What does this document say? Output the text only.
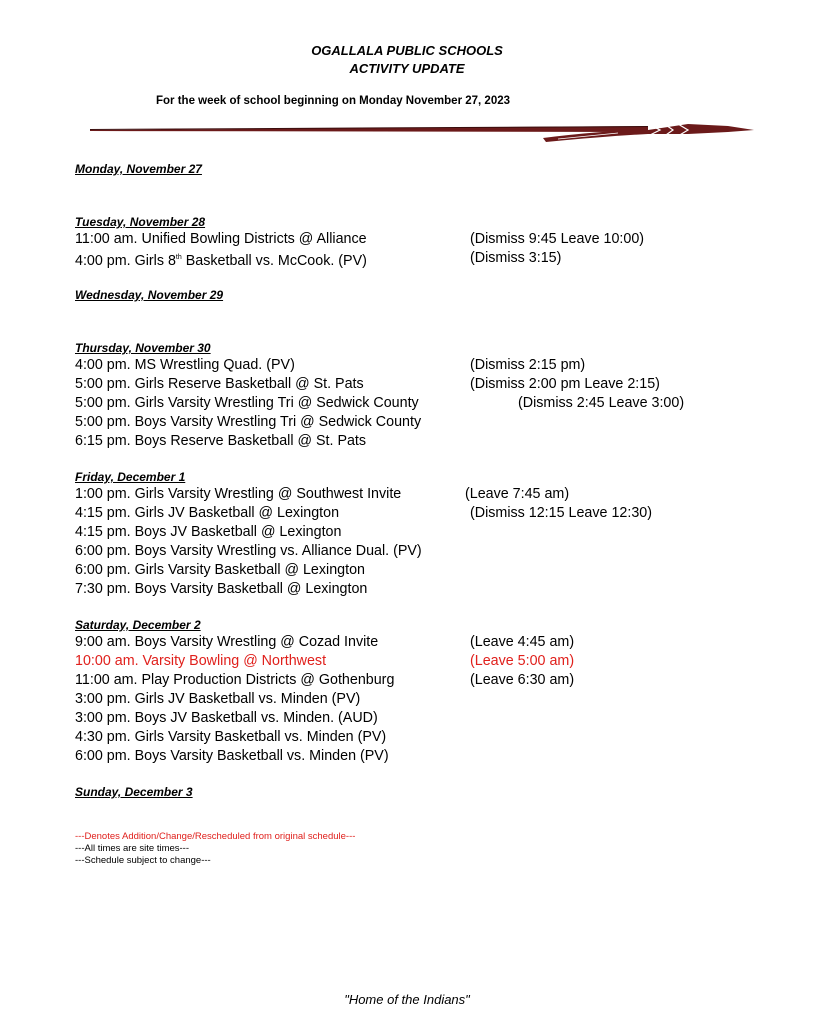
OGALLALA PUBLIC SCHOOLS
ACTIVITY UPDATE
For the week of school beginning on Monday November 27, 2023
Monday, November 27
Tuesday, November 28
11:00 am. Unified Bowling Districts @ Alliance	(Dismiss 9:45 Leave 10:00)
4:00 pm. Girls 8th Basketball vs. McCook. (PV)	(Dismiss 3:15)
Wednesday, November 29
Thursday, November 30
4:00 pm. MS Wrestling Quad. (PV)	(Dismiss 2:15 pm)
5:00 pm. Girls Reserve Basketball @ St. Pats	(Dismiss 2:00 pm Leave 2:15)
5:00 pm. Girls Varsity Wrestling Tri @ Sedwick County	(Dismiss 2:45 Leave 3:00)
5:00 pm. Boys Varsity Wrestling Tri @ Sedwick County
6:15 pm. Boys Reserve Basketball @ St. Pats
Friday, December 1
1:00 pm. Girls Varsity Wrestling @ Southwest Invite	(Leave 7:45 am)
4:15 pm. Girls JV Basketball @ Lexington	(Dismiss 12:15 Leave 12:30)
4:15 pm. Boys JV Basketball @ Lexington
6:00 pm. Boys Varsity Wrestling vs. Alliance Dual. (PV)
6:00 pm. Girls Varsity Basketball @ Lexington
7:30 pm. Boys Varsity Basketball @ Lexington
Saturday, December 2
9:00 am. Boys Varsity Wrestling @ Cozad Invite	(Leave 4:45 am)
10:00 am. Varsity Bowling @ Northwest	(Leave 5:00 am)
11:00 am. Play Production Districts @ Gothenburg	(Leave 6:30 am)
3:00 pm. Girls JV Basketball vs. Minden (PV)
3:00 pm. Boys JV Basketball vs. Minden. (AUD)
4:30 pm. Girls Varsity Basketball vs. Minden (PV)
6:00 pm. Boys Varsity Basketball vs. Minden (PV)
Sunday, December 3
---Denotes Addition/Change/Rescheduled from original schedule---
---All times are site times---
---Schedule subject to change---
"Home of the Indians"
